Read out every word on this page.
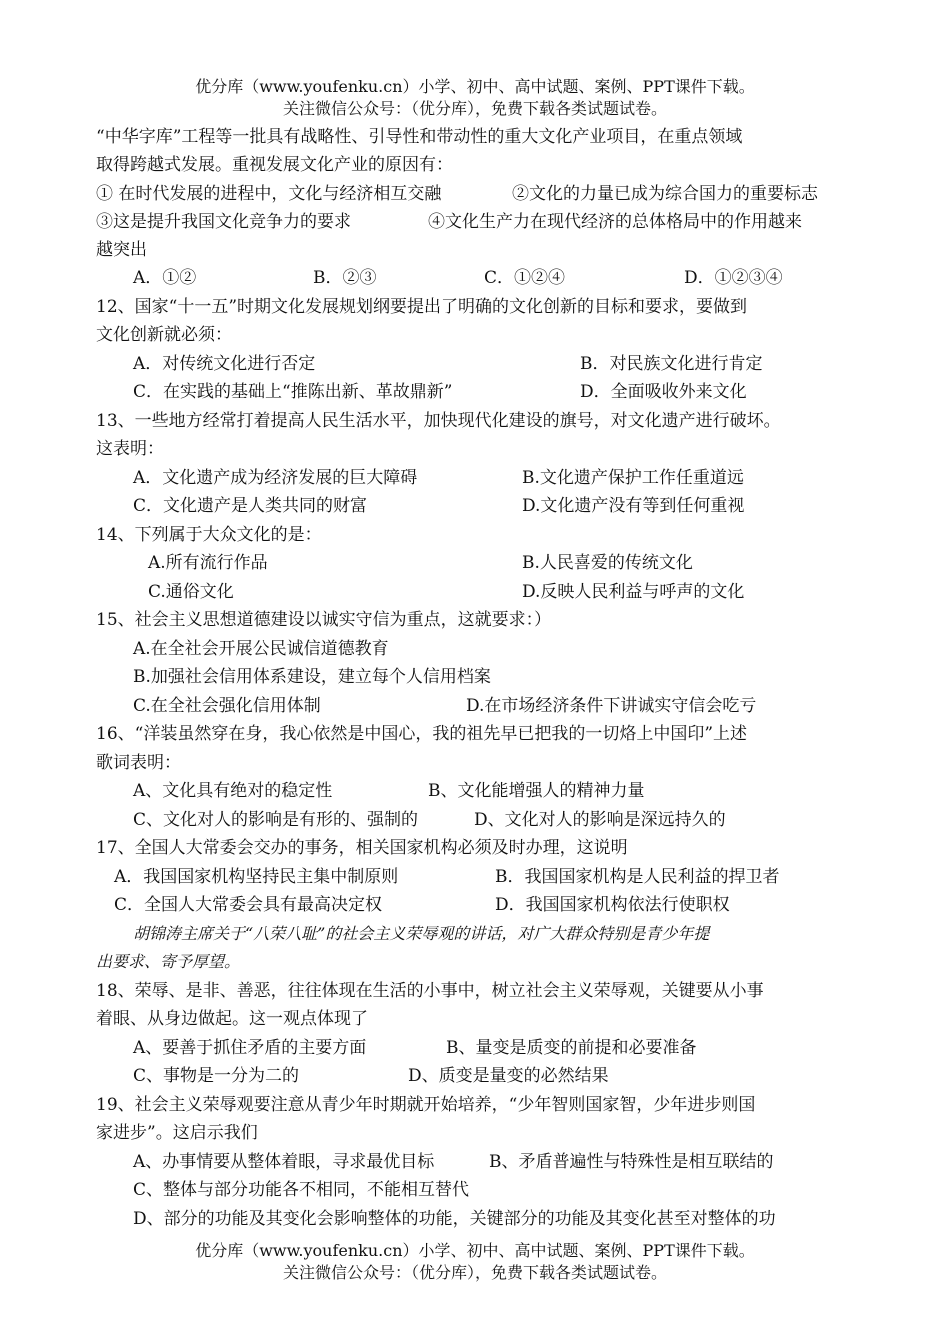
优分库（www.youfenku.cn）小学、初中、高中试题、案例、PPT课件下载。
关注微信公众号：（优分库），免费下载各类试题试卷。
“中华字库”工程等一批具有战略性、引导性和带动性的重大文化产业项目，在重点领域
取得跨越式发展。重视发展文化产业的原因有：
① 在时代发展的进程中，文化与经济相互交融	②文化的力量已成为综合国力的重要标志
③这是提升我国文化竞争力的要求	④文化生产力在现代经济的总体格局中的作用越来
越突出
A．①②	B．②③	C．①②④	D．①②③④
12、国家“十一五”时期文化发展规划纲要提出了明确的文化创新的目标和要求，要做到
文化创新就必须：
A．对传统文化进行否定	B．对民族文化进行肯定
C．在实践的基础上“推陈出新、革故鼎新”	D．全面吸收外来文化
13、一些地方经常打着提高人民生活水平，加快现代化建设的旗号，对文化遗产进行破坏。
这表明：
A．文化遗产成为经济发展的巨大障碍	B.文化遗产保护工作任重道远
C．文化遗产是人类共同的财富	D.文化遗产没有等到任何重视
14、下列属于大众文化的是：
A.所有流行作品	B.人民喜爱的传统文化
C.通俗文化	D.反映人民利益与呼声的文化
15、社会主义思想道德建设以诚实守信为重点，这就要求：）
A.在全社会开展公民诚信道德教育
B.加强社会信用体系建设，建立每个人信用档案
C.在全社会强化信用体制	D.在市场经济条件下讲诚实守信会吃亏
16、“洋装虽然穿在身，我心依然是中国心，我的祖先早已把我的一切烙上中国印”上述
歌词表明：
A、文化具有绝对的稳定性	B、文化能增强人的精神力量
C、文化对人的影响是有形的、强制的	D、文化对人的影响是深远持久的
17、全国人大常委会交办的事务，相关国家机构必须及时办理，这说明
A．我国国家机构坚持民主集中制原则	B．我国国家机构是人民利益的捍卫者
C．全国人大常委会具有最高决定权	D．我国国家机构依法行使职权
胡锦涛主席关于“八荣八耻”的社会主义荣辱观的讲话，对广大群众特别是青少年提
出要求、寄予厚望。
18、荣辱、是非、善恶，往往体现在生活的小事中，树立社会主义荣辱观，关键要从小事
着眼、从身边做起。这一观点体现了
A、要善于抓住矛盾的主要方面	B、量变是质变的前提和必要准备
C、事物是一分为二的	D、质变是量变的必然结果
19、社会主义荣辱观要注意从青少年时期就开始培养，“少年智则国家智，少年进步则国
家进步”。这启示我们
A、办事情要从整体着眼，寻求最优目标	B、矛盾普遍性与特殊性是相互联结的
C、整体与部分功能各不相同，不能相互替代
D、部分的功能及其变化会影响整体的功能，关键部分的功能及其变化甚至对整体的功
优分库（www.youfenku.cn）小学、初中、高中试题、案例、PPT课件下载。
关注微信公众号：（优分库），免费下载各类试题试卷。
